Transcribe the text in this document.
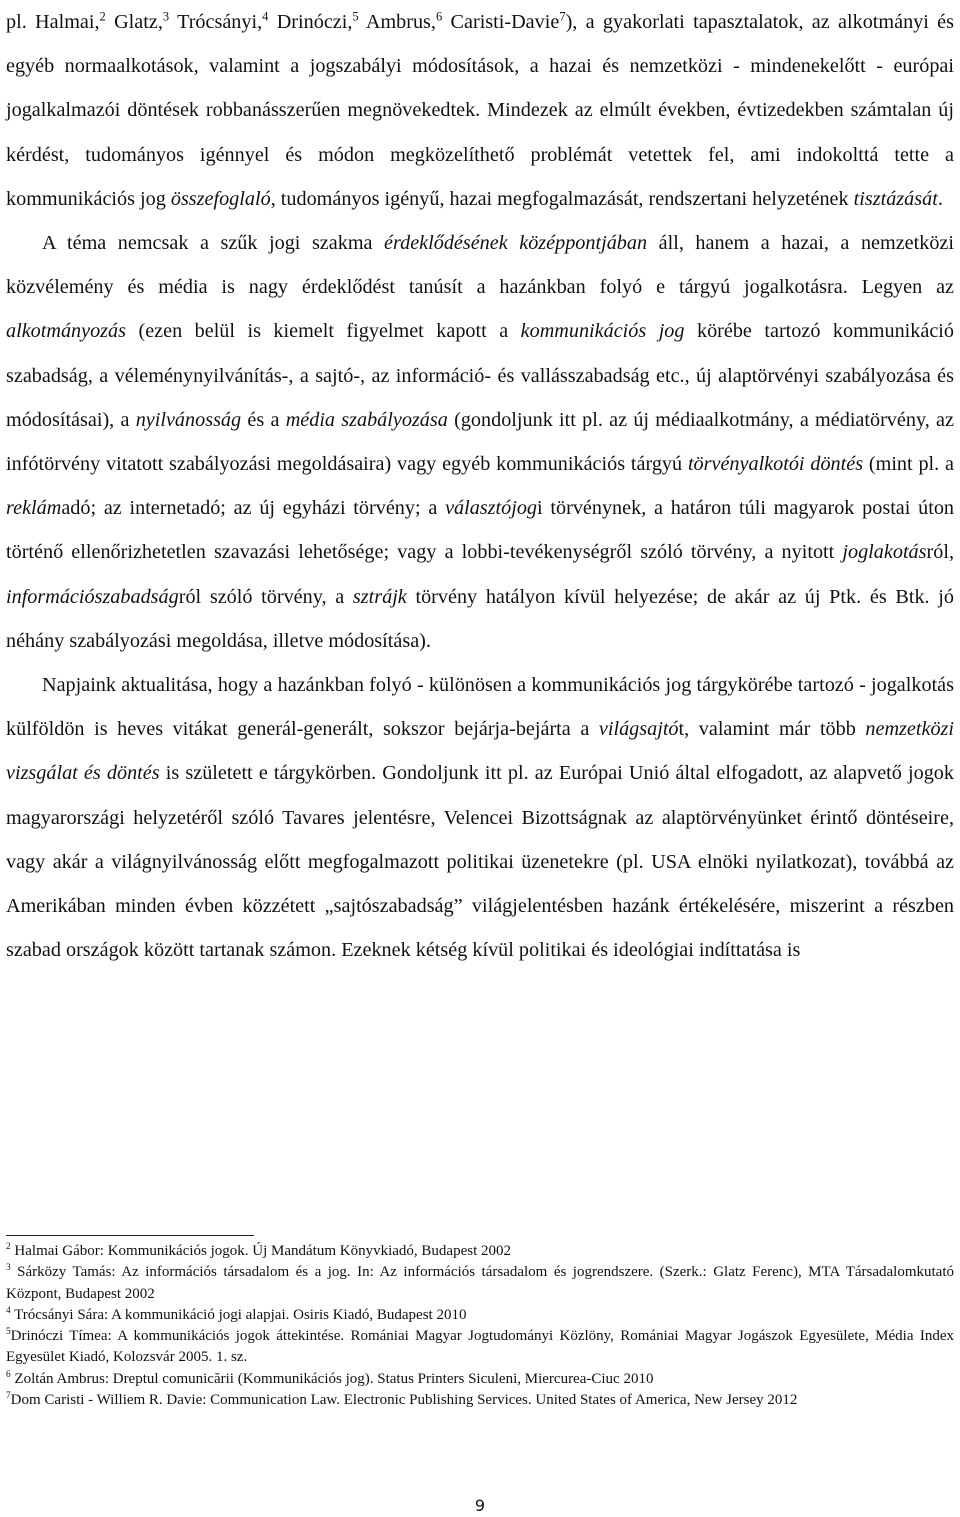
pl. Halmai,$^2$ Glatz,$^3$ Trócsányi,$^4$ Drinóczi,$^5$ Ambrus,$^6$ Caristi-Davie$^7$), a gyakorlati tapasztalatok, az alkotmányi és egyéb normaalkotások, valamint a jogszabályi módosítások, a hazai és nemzetközi - mindenekelőtt - európai jogalkalmazói döntések robbanásszerűen megnövekedtek. Mindezek az elmúlt években, évtizedekben számtalan új kérdést, tudományos igénnyel és módon megközelíthető problémát vetettek fel, ami indokolttá tette a kommunikációs jog összefoglaló, tudományos igényű, hazai megfogalmazását, rendszertani helyzetének tisztázását.

A téma nemcsak a szűk jogi szakma érdeklődésének középpontjában áll, hanem a hazai, a nemzetközi közvélemény és média is nagy érdeklődést tanúsít a hazánkban folyó e tárgyú jogalkotásra. Legyen az alkotmányozás (ezen belül is kiemelt figyelmet kapott a kommunikációs jog körébe tartozó kommunikáció szabadság, a véleménynyilvánítás-, a sajtó-, az információ- és vallásszabadság etc., új alaptörvényi szabályozása és módosításai), a nyilvánosság és a média szabályozása (gondoljunk itt pl. az új médiaalkotmány, a médiatörvény, az infótörvény vitatott szabályozási megoldásaira) vagy egyéb kommunikációs tárgyú törvényalkotói döntés (mint pl. a reklámadó; az internetadó; az új egyházi törvény; a választójogi törvénynek, a határon túli magyarok postai úton történő ellenőrizhetetlen szavazási lehetősége; vagy a lobbi-tevékenységről szóló törvény, a nyitott joglakotásról, információszabadságról szóló törvény, a sztrájk törvény hatályon kívül helyezése; de akár az új Ptk. és Btk. jó néhány szabályozási megoldása, illetve módosítása).

Napjaink aktualitása, hogy a hazánkban folyó - különösen a kommunikációs jog tárgykörébe tartozó - jogalkotás külföldön is heves vitákat generál-generált, sokszor bejárja-bejárta a világsajtót, valamint már több nemzetközi vizsgálat és döntés is született e tárgykörben. Gondoljunk itt pl. az Európai Unió által elfogadott, az alapvető jogok magyarországi helyzetéről szóló Tavares jelentésre, Velencei Bizottságnak az alaptörvényünket érintő döntéseire, vagy akár a világnyilvánosság előtt megfogalmazott politikai üzenetekre (pl. USA elnöki nyilatkozat), továbbá az Amerikában minden évben közzétett „sajtószabadság” világjelentésben hazánk értékelésére, miszerint a részben szabad országok között tartanak számon. Ezeknek kétség kívül politikai és ideológiai indíttatása is

$^2$ Halmai Gábor: Kommunikációs jogok. Új Mandátum Könyvkiadó, Budapest 2002

$^3$ Sárközy Tamás: Az információs társadalom és a jog. In: Az információs társadalom és jogrendszere. (Szerk.: Glatz Ferenc), MTA Társadalomkutató Központ, Budapest 2002

$^4$ Trócsányi Sára: A kommunikáció jogi alapjai. Osiris Kiadó, Budapest 2010

$^5$Drinóczi Tímea: A kommunikációs jogok áttekintése. Romániai Magyar Jogtudományi Közlöny, Romániai Magyar Jogászok Egyesülete, Média Index Egyesület Kiadó, Kolozsvár 2005. 1. sz.

$^6$ Zoltán Ambrus: Dreptul comunicării (Kommunikációs jog). Status Printers Siculeni, Miercurea-Ciuc 2010

$^7$Dom Caristi - Williem R. Davie: Communication Law. Electronic Publishing Services. United States of America, New Jersey 2012

9
